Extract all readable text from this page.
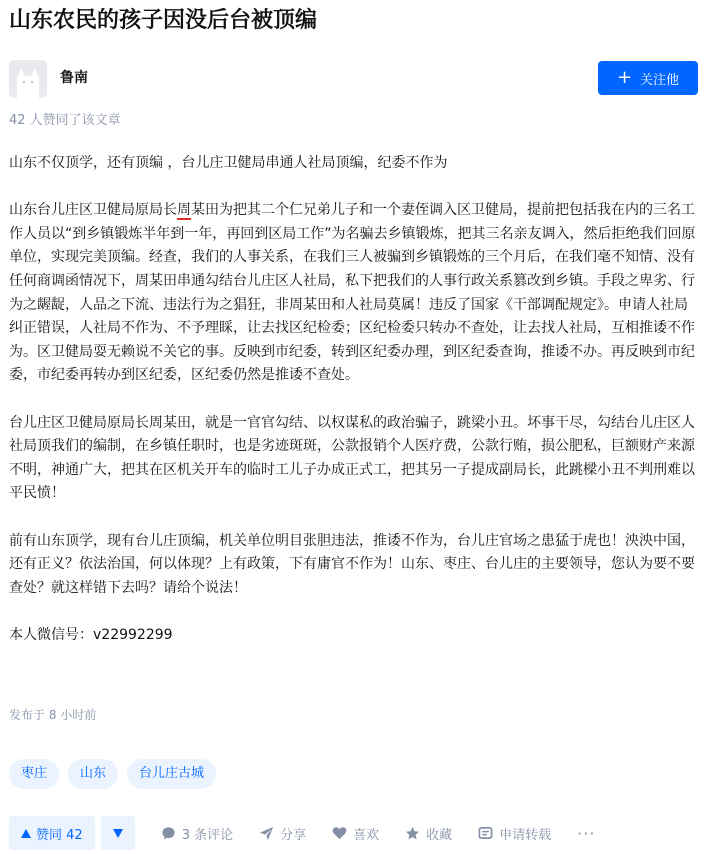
山东农民的孩子因没后台被顶编
鲁南	+ 关注他
42 人赞同了该文章

山东不仅顶学，还有顶编 ，台儿庄卫健局串通人社局顶编，纪委不作为

山东台儿庄区卫健局原局长周某田为把其二个仁兄弟儿子和一个妻侄调入区卫健局，提前把包括我在内的三名工作人员以“到乡镇锻炼半年到一年，再回到区局工作”为名骗去乡镇锻炼，把其三名亲友调入，然后拒绝我们回原单位，实现完美顶编。经查，我们的人事关系，在我们三人被骗到乡镇锻炼的三个月后，在我们毫不知情、没有任何商调函情况下，周某田串通勾结台儿庄区人社局，私下把我们的人事行政关系篡改到乡镇。手段之卑劣、行为之龌龊，人品之下流、违法行为之猖狂，非周某田和人社局莫属！违反了国家《干部调配规定》。申请人社局纠正错误，人社局不作为、不予理睬，让去找区纪检委；区纪检委只转办不查处，让去找人社局，互相推诿不作为。区卫健局耍无赖说不关它的事。反映到市纪委，转到区纪委办理，到区纪委查询，推诿不办。再反映到市纪委，市纪委再转办到区纪委，区纪委仍然是推诿不查处。

台儿庄区卫健局原局长周某田，就是一官官勾结、以权谋私的政治骗子，跳梁小丑。坏事干尽，勾结台儿庄区人社局顶我们的编制，在乡镇任职时，也是劣迹斑斑，公款报销个人医疗费，公款行贿，损公肥私，巨额财产来源不明，神通广大，把其在区机关开车的临时工儿子办成正式工，把其另一子提成副局长，此跳樑小丑不判刑难以平民愤！

前有山东顶学，现有台儿庄顶编，机关单位明目张胆违法，推诿不作为，台儿庄官场之患猛于虎也！泱泱中国，还有正义？依法治国，何以体现？上有政策，下有庸官不作为！山东、枣庄、台儿庄的主要领导，您认为要不要查处？就这样错下去吗？请给个说法！

本人微信号：v22992299

发布于 8 小时前
枣庄	山东	台儿庄古城
赞同 42	3 条评论	分享	喜欢	收藏	申请转载 ···
